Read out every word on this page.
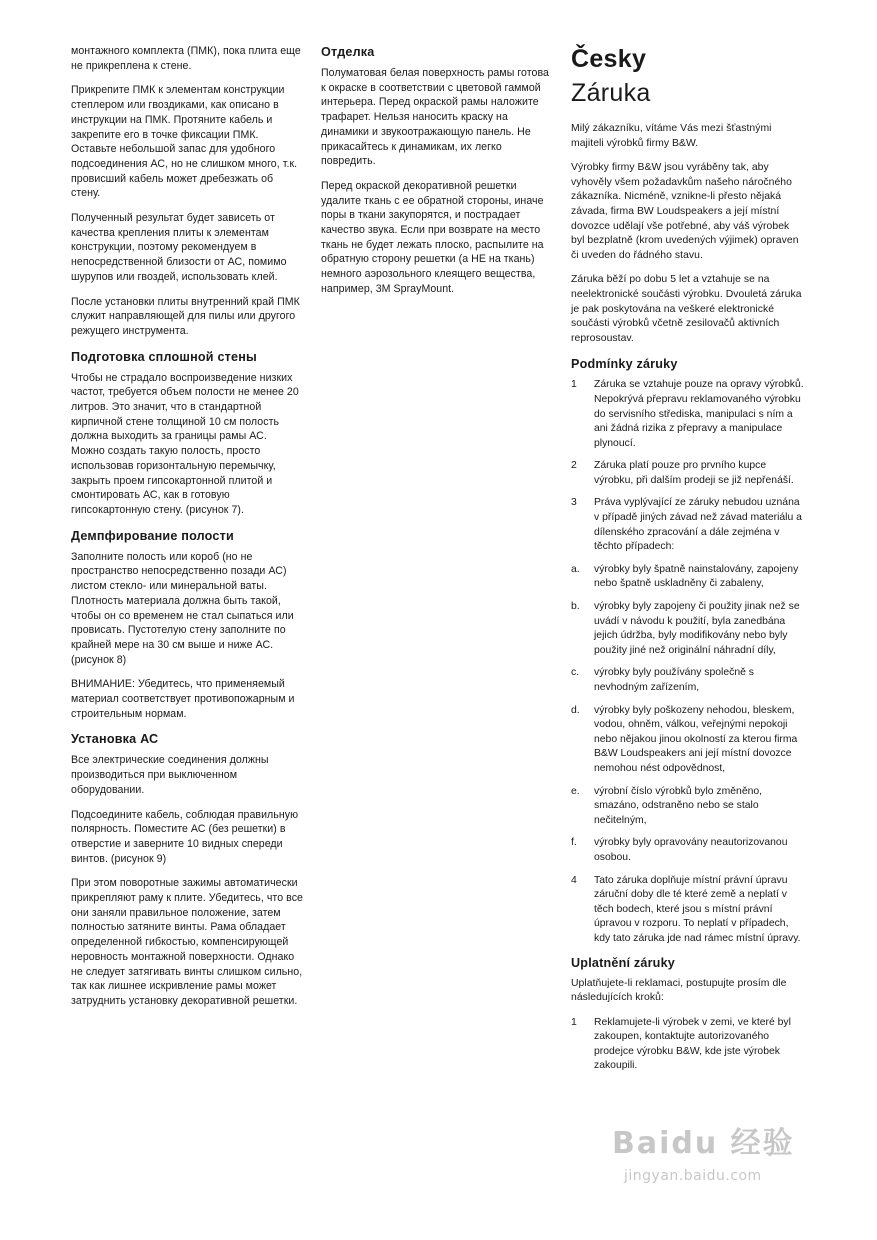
монтажного комплекта (ПМК), пока плита еще не прикреплена к стене.

Прикрепите ПМК к элементам конструкции степлером или гвоздиками, как описано в инструкции на ПМК. Протяните кабель и закрепите его в точке фиксации ПМК. Оставьте небольшой запас для удобного подсоединения АС, но не слишком много, т.к. провисший кабель может дребезжать об стену.

Полученный результат будет зависеть от качества крепления плиты к элементам конструкции, поэтому рекомендуем в непосредственной близости от АС, помимо шурупов или гвоздей, использовать клей.

После установки плиты внутренний край ПМК служит направляющей для пилы или другого режущего инструмента.

Подготовка сплошной стены

Чтобы не страдало воспроизведение низких частот, требуется объем полости не менее 20 литров. Это значит, что в стандартной кирпичной стене толщиной 10 см полость должна выходить за границы рамы АС. Можно создать такую полость, просто использовав горизонтальную перемычку, закрыть проем гипсокартонной плитой и смонтировать АС, как в готовую гипсокартонную стену. (рисунок 7).

Демпфирование полости

Заполните полость или короб (но не пространство непосредственно позади АС) листом стекло- или минеральной ваты. Плотность материала должна быть такой, чтобы он со временем не стал сыпаться или провисать. Пустотелую стену заполните по крайней мере на 30 см выше и ниже АС. (рисунок 8)

ВНИМАНИЕ: Убедитесь, что применяемый материал соответствует противопожарным и строительным нормам.

Установка АС

Все электрические соединения должны производиться при выключенном оборудовании.

Подсоедините кабель, соблюдая правильную полярность. Поместите АС (без решетки) в отверстие и заверните 10 видных спереди винтов. (рисунок 9)

При этом поворотные зажимы автоматически прикрепляют раму к плите. Убедитесь, что все они заняли правильное положение, затем полностью затяните винты. Рама обладает определенной гибкостью, компенсирующей неровность монтажной поверхности. Однако не следует затягивать винты слишком сильно, так как лишнее искривление рамы может затруднить установку декоративной решетки.

Отделка

Полуматовая белая поверхность рамы готова к окраске в соответствии с цветовой гаммой интерьера. Перед окраской рамы наложите трафарет. Нельзя наносить краску на динамики и звукоотражающую панель. Не прикасайтесь к динамикам, их легко повредить.

Перед окраской декоративной решетки удалите ткань с ее обратной стороны, иначе поры в ткани закупорятся, и пострадает качество звука. Если при возврате на место ткань не будет лежать плоско, распылите на обратную сторону решетки (а НЕ на ткань) немного аэрозольного клеящего вещества, например, 3M SprayMount.

Česky
Záruka

Milý zákazníku, vítáme Vás mezi šťastnými majiteli výrobků firmy B&W.

Výrobky firmy B&W jsou vyráběny tak, aby vyhověly všem požadavkům našeho náročného zákazníka. Nicméně, vznikne-li přesto nějaká závada, firma BW Loudspeakers a její místní dovozce udělají vše potřebné, aby váš výrobek byl bezplatně (krom uvedených výjimek) opraven či uveden do řádného stavu.

Záruka běží po dobu 5 let a vztahuje se na neelektronické součásti výrobku. Dvouletá záruka je pak poskytována na veškeré elektronické součásti výrobků včetně zesilovačů aktivních reprosoustav.

Podmínky záruky
1	Záruka se vztahuje pouze na opravy výrobků. Nepokrývá přepravu reklamovaného výrobku do servisního střediska, manipulaci s ním a ani žádná rizika z přepravy a manipulace plynoucí.
2	Záruka platí pouze pro prvního kupce výrobku, při dalším prodeji se již nepřenáší.
3	Práva vyplývající ze záruky nebudou uznána v případě jiných závad než závad materiálu a dílenského zpracování a dále zejména v těchto případech:
a.	výrobky byly špatně nainstalovány, zapojeny nebo špatně uskladněny či zabaleny,
b.	výrobky byly zapojeny či použity jinak než se uvádí v návodu k použití, byla zanedbána jejich údržba, byly modifikovány nebo byly použity jiné než originální náhradní díly,
c.	výrobky byly používány společně s nevhodným zařízením,
d.	výrobky byly poškozeny nehodou, bleskem, vodou, ohněm, válkou, veřejnými nepokoji nebo nějakou jinou okolností za kterou firma B&W Loudspeakers ani její místní dovozce nemohou nést odpovědnost,
e.	výrobní číslo výrobků bylo změněno, smazáno, odstraněno nebo se stalo nečitelným,
f.	výrobky byly opravovány neautorizovanou osobou.
4	Tato záruka doplňuje místní právní úpravu záruční doby dle té které země a neplatí v těch bodech, které jsou s místní právní úpravou v rozporu. To neplatí v případech, kdy tato záruka jde nad rámec místní úpravy.
Uplatnění záruky

Uplatňujete-li reklamaci, postupujte prosím dle následujících kroků:

1	Reklamujete-li výrobek v zemi, ve které byl zakoupen, kontaktujte autorizovaného prodejce výrobku B&W, kde jste výrobek zakoupili.
Baidu 经验
jingyan.baidu.com
